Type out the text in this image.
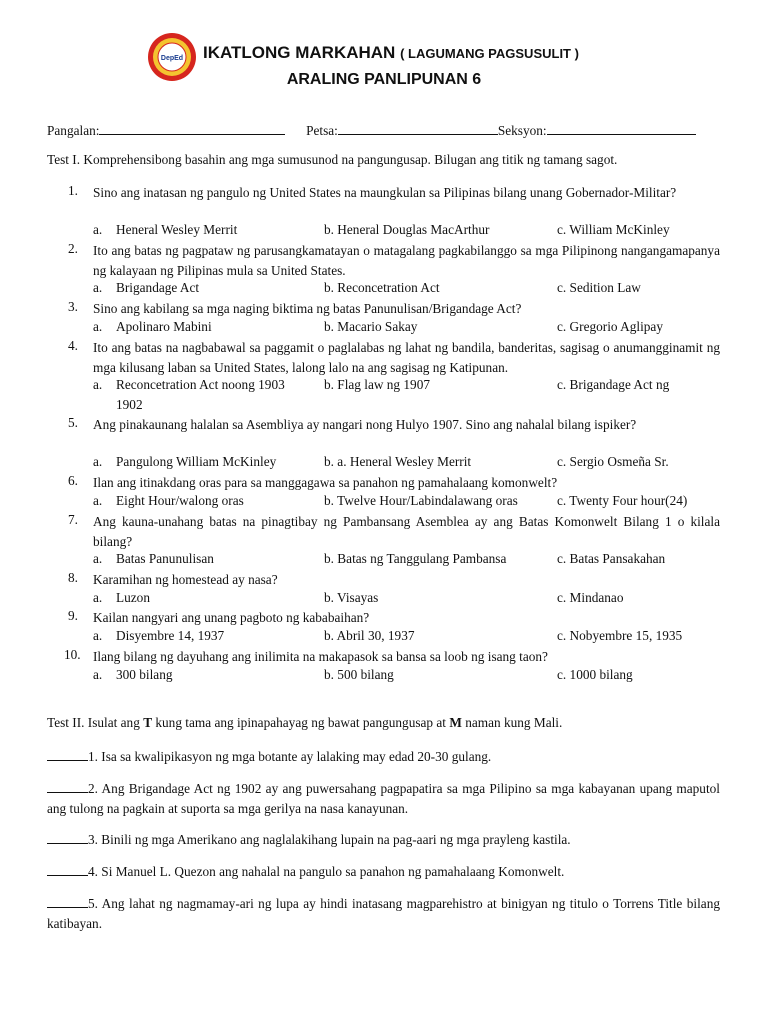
DepEd IKATLONG MARKAHAN ( LAGUMANG PAGSUSULIT )
ARALING PANLIPUNAN 6
Pangalan:	Petsa:	Seksyon:
Test I. Komprehensibong basahin ang mga sumusunod na pangungusap. Bilugan ang titik ng tamang sagot.
1. Sino ang inatasan ng pangulo ng United States na maungkulan sa Pilipinas bilang unang Gobernador-Militar?
a. Heneral Wesley Merrit	b. Heneral Douglas MacArthur	c. William McKinley
2. Ito ang batas ng pagpataw ng parusangkamatayan o matagalang pagkabilanggo sa mga Pilipinong nangangamapanya ng kalayaan ng Pilipinas mula sa United States.
a. Brigandage Act	b. Reconcetration Act	c. Sedition Law
3. Sino ang kabilang sa mga naging biktima ng batas Panunulisan/Brigandage Act?
a. Apolinaro Mabini	b. Macario Sakay	c. Gregorio Aglipay
4. Ito ang batas na nagbabawal sa paggamit o paglalabas ng lahat ng bandila, banderitas, sagisag o anumangginamit ng mga kilusang laban sa United States, lalong lalo na ang sagisag ng Katipunan.
a. Reconcetration Act noong 1903	b. Flag law ng 1907	c. Brigandage Act ng
1902
5. Ang pinakaunang halalan sa Asembliya ay nangari nong Hulyo 1907. Sino ang nahalal bilang ispiker?
a. Pangulong William McKinley	b. a. Heneral Wesley Merrit	c. Sergio Osmeña Sr.
6. Ilan ang itinakdang oras para sa manggagawa sa panahon ng pamahalaang komonwelt?
a. Eight Hour/walong oras	b. Twelve Hour/Labindalawang oras	c. Twenty Four hour(24)
7. Ang kauna-unahang batas na pinagtibay ng Pambansang Asemblea ay ang Batas Komonwelt Bilang 1 o kilala bilang?
a. Batas Panunulisan	b. Batas ng Tanggulang Pambansa	c. Batas Pansakahan
8. Karamihan ng homestead ay nasa?
a. Luzon	b. Visayas	c. Mindanao
9. Kailan nangyari ang unang pagboto ng kababaihan?
a. Disyembre 14, 1937	b. Abril 30, 1937	c. Nobyembre 15, 1935
10. Ilang bilang ng dayuhang ang inilimita na makapasok sa bansa sa loob ng isang taon?
a. 300 bilang	b. 500 bilang	c. 1000 bilang
Test II. Isulat ang T kung tama ang ipinapahayag ng bawat pangungusap at M naman kung Mali.
1. Isa sa kwalipikasyon ng mga botante ay lalaking may edad 20-30 gulang.
2. Ang Brigandage Act ng 1902 ay ang puwersahang pagpapatira sa mga Pilipino sa mga kabayanan upang maputol ang tulong na pagkain at suporta sa mga gerilya na nasa kanayunan.
3. Binili ng mga Amerikano ang naglalakihang lupain na pag-aari ng mga prayleng kastila.
4. Si Manuel L. Quezon ang nahalal na pangulo sa panahon ng pamahalaang Komonwelt.
5. Ang lahat ng nagmamay-ari ng lupa ay hindi inatasang magparehistro at binigyan ng titulo o Torrens Title bilang katibayan.
